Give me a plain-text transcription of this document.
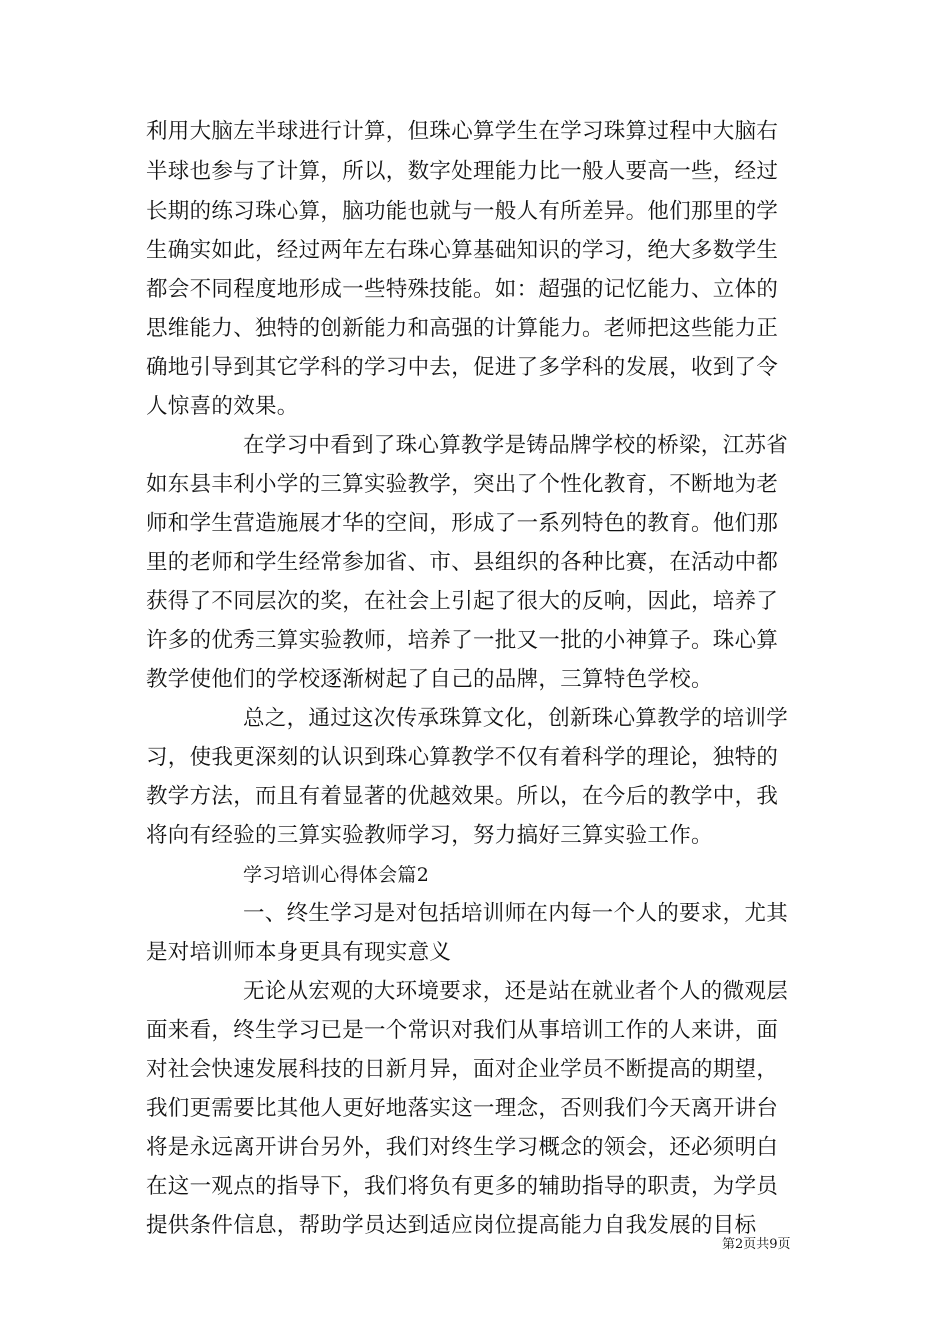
利用大脑左半球进行计算，但珠心算学生在学习珠算过程中大脑右
半球也参与了计算，所以，数字处理能力比一般人要高一些，经过
长期的练习珠心算，脑功能也就与一般人有所差异。他们那里的学
生确实如此，经过两年左右珠心算基础知识的学习，绝大多数学生
都会不同程度地形成一些特殊技能。如：超强的记忆能力、立体的
思维能力、独特的创新能力和高强的计算能力。老师把这些能力正
确地引导到其它学科的学习中去，促进了多学科的发展，收到了令
人惊喜的效果。
在学习中看到了珠心算教学是铸品牌学校的桥梁，江苏省
如东县丰利小学的三算实验教学，突出了个性化教育，不断地为老
师和学生营造施展才华的空间，形成了一系列特色的教育。他们那
里的老师和学生经常参加省、市、县组织的各种比赛，在活动中都
获得了不同层次的奖，在社会上引起了很大的反响，因此，培养了
许多的优秀三算实验教师，培养了一批又一批的小神算子。珠心算
教学使他们的学校逐渐树起了自己的品牌，三算特色学校。
总之，通过这次传承珠算文化，创新珠心算教学的培训学
习，使我更深刻的认识到珠心算教学不仅有着科学的理论，独特的
教学方法，而且有着显著的优越效果。所以，在今后的教学中，我
将向有经验的三算实验教师学习，努力搞好三算实验工作。
学习培训心得体会篇2
一、终生学习是对包括培训师在内每一个人的要求，尤其
是对培训师本身更具有现实意义
无论从宏观的大环境要求，还是站在就业者个人的微观层
面来看，终生学习已是一个常识对我们从事培训工作的人来讲，面
对社会快速发展科技的日新月异，面对企业学员不断提高的期望，
我们更需要比其他人更好地落实这一理念，否则我们今天离开讲台
将是永远离开讲台另外，我们对终生学习概念的领会，还必须明白
在这一观点的指导下，我们将负有更多的辅助指导的职责，为学员
提供条件信息，帮助学员达到适应岗位提高能力自我发展的目标
第2页共9页
